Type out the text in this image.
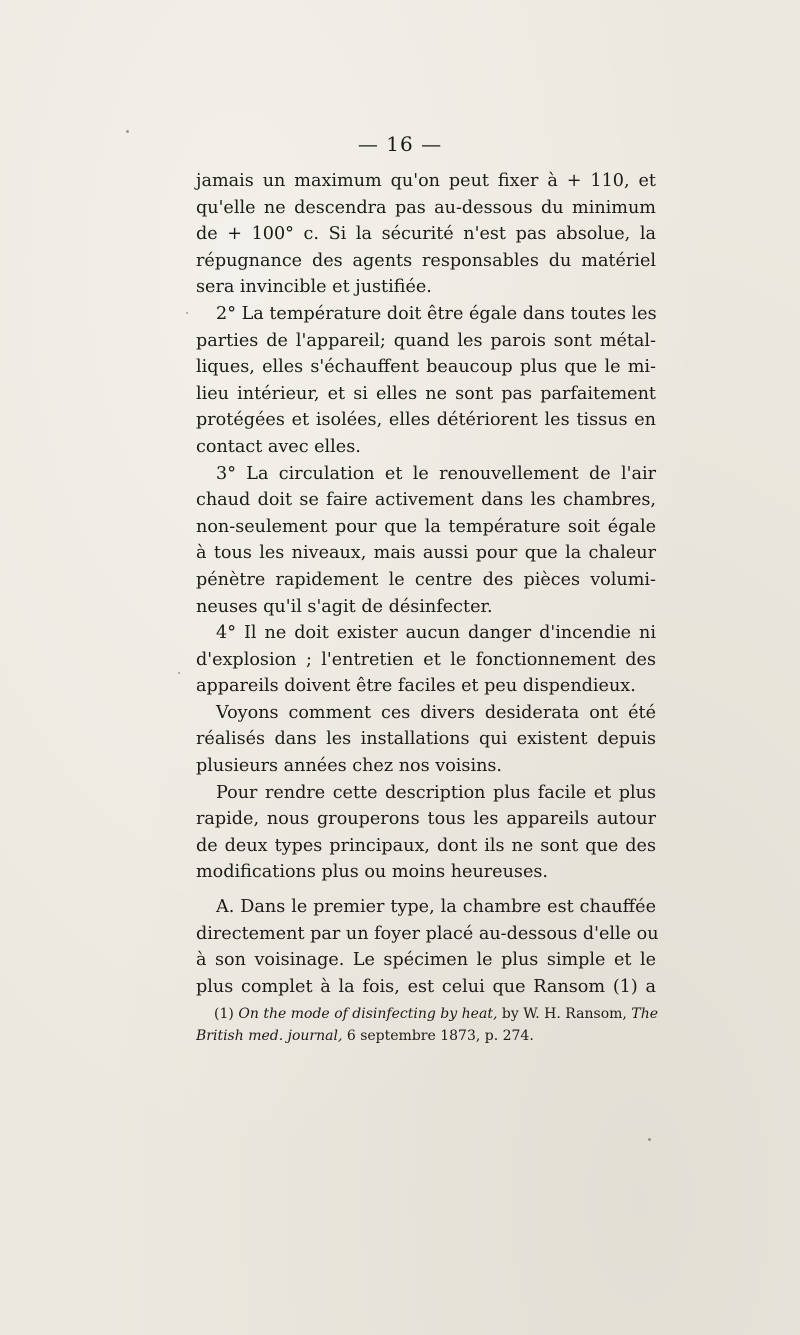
— 16 —
jamais un maximum qu'on peut fixer à + 110, et
qu'elle ne descendra pas au-dessous du minimum
de + 100° c. Si la sécurité n'est pas absolue, la
répugnance des agents responsables du matériel
sera invincible et justifiée.
2° La température doit être égale dans toutes les
parties de l'appareil; quand les parois sont métal-
liques, elles s'échauffent beaucoup plus que le mi-
lieu intérieur, et si elles ne sont pas parfaitement
protégées et isolées, elles détériorent les tissus en
contact avec elles.
3° La circulation et le renouvellement de l'air
chaud doit se faire activement dans les chambres,
non-seulement pour que la température soit égale
à tous les niveaux, mais aussi pour que la chaleur
pénètre rapidement le centre des pièces volumi-
neuses qu'il s'agit de désinfecter.
4° Il ne doit exister aucun danger d'incendie ni
d'explosion ; l'entretien et le fonctionnement des
appareils doivent être faciles et peu dispendieux.
Voyons comment ces divers desiderata ont été
réalisés dans les installations qui existent depuis
plusieurs années chez nos voisins.
Pour rendre cette description plus facile et plus
rapide, nous grouperons tous les appareils autour
de deux types principaux, dont ils ne sont que des
modifications plus ou moins heureuses.
A. Dans le premier type, la chambre est chauffée
directement par un foyer placé au-dessous d'elle ou
à son voisinage. Le spécimen le plus simple et le
plus complet à la fois, est celui que Ransom (1) a
(1) On the mode of disinfecting by heat, by W. H. Ransom, The
British med. journal, 6 septembre 1873, p. 274.
